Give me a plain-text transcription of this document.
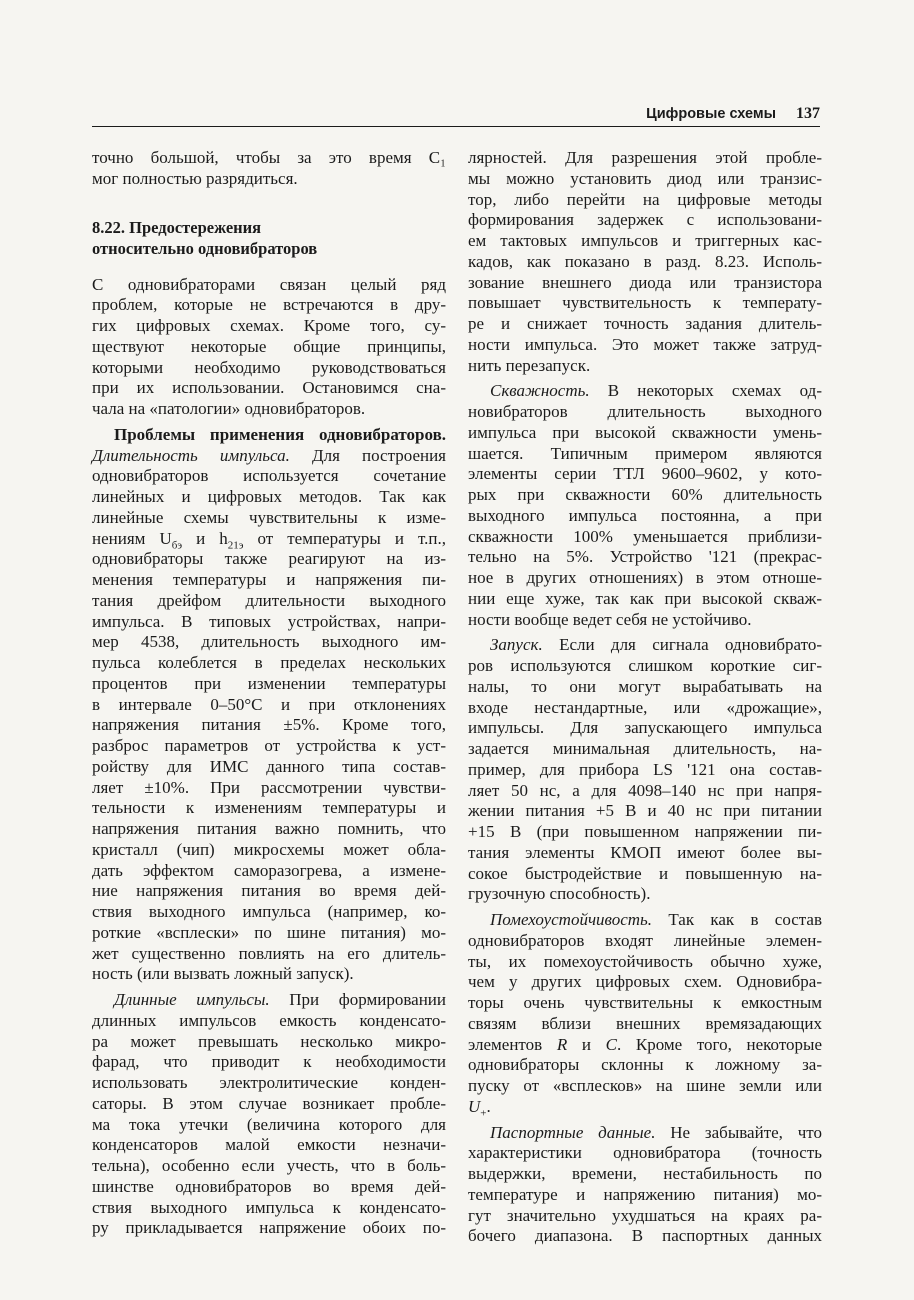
Цифровые схемы 137

точно большой, чтобы за это время C₁
мог полностью разрядиться.

8.22. Предостережения
относительно одновибраторов

С одновибраторами связан целый ряд
проблем, которые не встречаются в дру-
гих цифровых схемах. Кроме того, су-
ществуют некоторые общие принципы,
которыми необходимо руководствоваться
при их использовании. Остановимся сна-
чала на «патологии» одновибраторов.

Проблемы применения одновибраторов.
Длительность импульса. Для построения
одновибраторов используется сочетание
линейных и цифровых методов. Так как
линейные схемы чувствительны к изме-
нениям $U_{бэ}$ и $h_{21э}$ от температуры и т.п.,
одновибраторы также реагируют на из-
менения температуры и напряжения пи-
тания дрейфом длительности выходного
импульса. В типовых устройствах, напри-
мер 4538, длительность выходного им-
пульса колеблется в пределах нескольких
процентов при изменении температуры
в интервале 0–50°С и при отклонениях
напряжения питания ±5%. Кроме того,
разброс параметров от устройства к уст-
ройству для ИМС данного типа состав-
ляет ±10%. При рассмотрении чувстви-
тельности к изменениям температуры и
напряжения питания важно помнить, что
кристалл (чип) микросхемы может обла-
дать эффектом саморазогрева, а измене-
ние напряжения питания во время дей-
ствия выходного импульса (например, ко-
роткие «всплески» по шине питания) мо-
жет существенно повлиять на его длитель-
ность (или вызвать ложный запуск).

Длинные импульсы. При формировании
длинных импульсов емкость конденсато-
ра может превышать несколько микро-
фарад, что приводит к необходимости
использовать электролитические конден-
саторы. В этом случае возникает пробле-
ма тока утечки (величина которого для
конденсаторов малой емкости незначи-
тельна), особенно если учесть, что в боль-
шинстве одновибраторов во время дей-
ствия выходного импульса к конденсато-
ру прикладывается напряжение обоих по-

лярностей. Для разрешения этой пробле-
мы можно установить диод или транзис-
тор, либо перейти на цифровые методы
формирования задержек с использовани-
ем тактовых импульсов и триггерных кас-
кадов, как показано в разд. 8.23. Исполь-
зование внешнего диода или транзистора
повышает чувствительность к температу-
ре и снижает точность задания длитель-
ности импульса. Это может также затруд-
нить перезапуск.

Скважность. В некоторых схемах од-
новибраторов длительность выходного
импульса при высокой скважности умень-
шается. Типичным примером являются
элементы серии ТТЛ 9600–9602, у кото-
рых при скважности 60% длительность
выходного импульса постоянна, а при
скважности 100% уменьшается приблизи-
тельно на 5%. Устройство '121 (прекрас-
ное в других отношениях) в этом отноше-
нии еще хуже, так как при высокой скваж-
ности вообще ведет себя не устойчиво.

Запуск. Если для сигнала одновибрато-
ров используются слишком короткие сиг-
налы, то они могут вырабатывать на
входе нестандартные, или «дрожащие»,
импульсы. Для запускающего импульса
задается минимальная длительность, на-
пример, для прибора LS '121 она состав-
ляет 50 нс, а для 4098–140 нс при напря-
жении питания +5 В и 40 нс при питании
+15 В (при повышенном напряжении пи-
тания элементы КМОП имеют более вы-
сокое быстродействие и повышенную на-
грузочную способность).

Помехоустойчивость. Так как в состав
одновибраторов входят линейные элемен-
ты, их помехоустойчивость обычно хуже,
чем у других цифровых схем. Одновибра-
торы очень чувствительны к емкостным
связям вблизи внешних времязадающих
элементов R и C. Кроме того, некоторые
одновибраторы склонны к ложному за-
пуску от «всплесков» на шине земли или
$U_+$.

Паспортные данные. Не забывайте, что
характеристики одновибратора (точность
выдержки, времени, нестабильность по
температуре и напряжению питания) мо-
гут значительно ухудшаться на краях ра-
бочего диапазона. В паспортных данных
